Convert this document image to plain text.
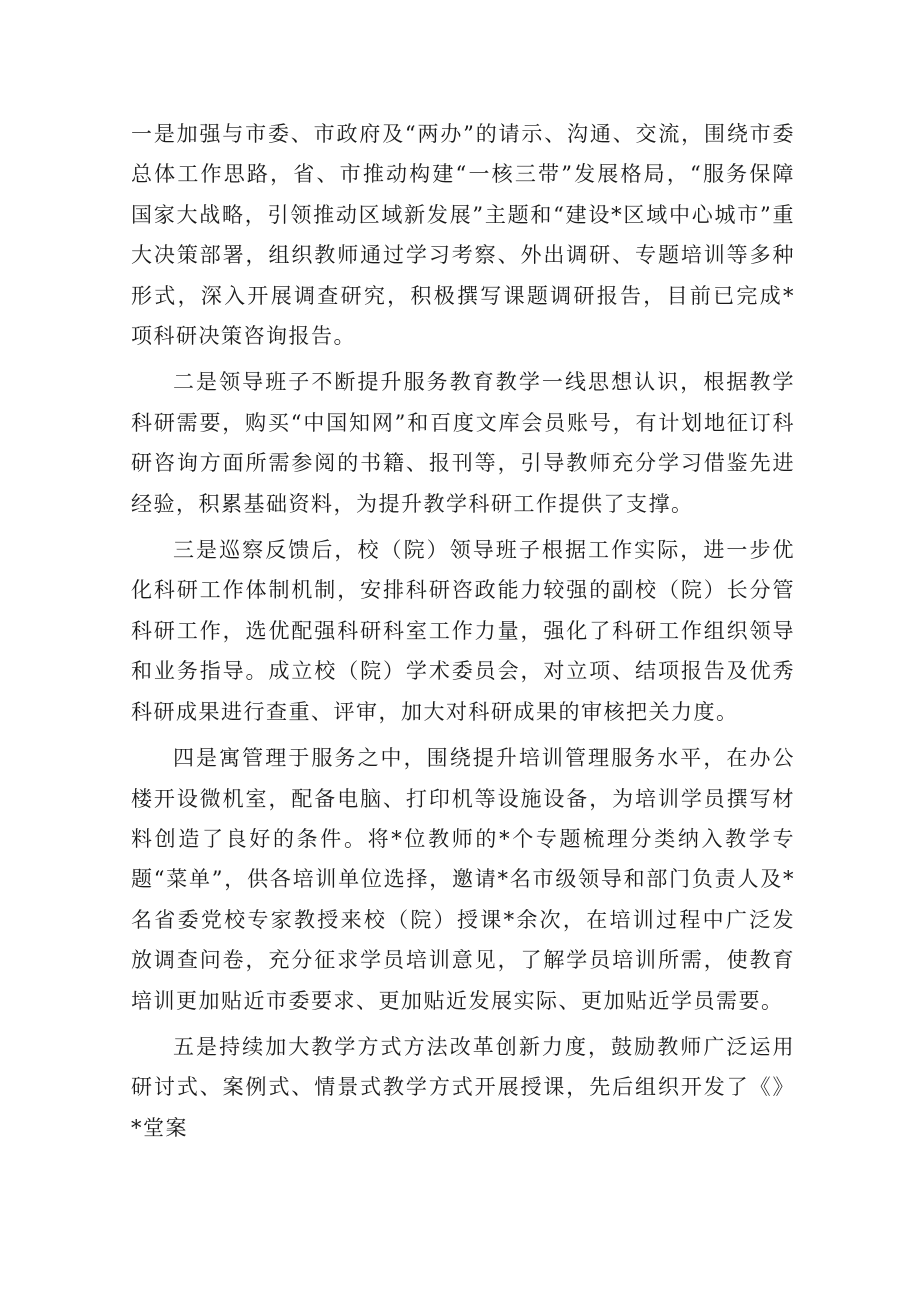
一是加强与市委、市政府及“两办”的请示、沟通、交流，围绕市委总体工作思路，省、市推动构建“一核三带”发展格局，“服务保障国家大战略，引领推动区域新发展”主题和“建设*区域中心城市”重大决策部署，组织教师通过学习考察、外出调研、专题培训等多种形式，深入开展调查研究，积极撰写课题调研报告，目前已完成*项科研决策咨询报告。

二是领导班子不断提升服务教育教学一线思想认识，根据教学科研需要，购买“中国知网”和百度文库会员账号，有计划地征订科研咨询方面所需参阅的书籍、报刊等，引导教师充分学习借鉴先进经验，积累基础资料，为提升教学科研工作提供了支撑。

三是巡察反馈后，校（院）领导班子根据工作实际，进一步优化科研工作体制机制，安排科研咨政能力较强的副校（院）长分管科研工作，选优配强科研科室工作力量，强化了科研工作组织领导和业务指导。成立校（院）学术委员会，对立项、结项报告及优秀科研成果进行查重、评审，加大对科研成果的审核把关力度。

四是寓管理于服务之中，围绕提升培训管理服务水平，在办公楼开设微机室，配备电脑、打印机等设施设备，为培训学员撰写材料创造了良好的条件。将*位教师的*个专题梳理分类纳入教学专题“菜单”，供各培训单位选择，邀请*名市级领导和部门负责人及*名省委党校专家教授来校（院）授课*余次，在培训过程中广泛发放调查问卷，充分征求学员培训意见，了解学员培训所需，使教育培训更加贴近市委要求、更加贴近发展实际、更加贴近学员需要。

五是持续加大教学方式方法改革创新力度，鼓励教师广泛运用研讨式、案例式、情景式教学方式开展授课，先后组织开发了《》*堂案
